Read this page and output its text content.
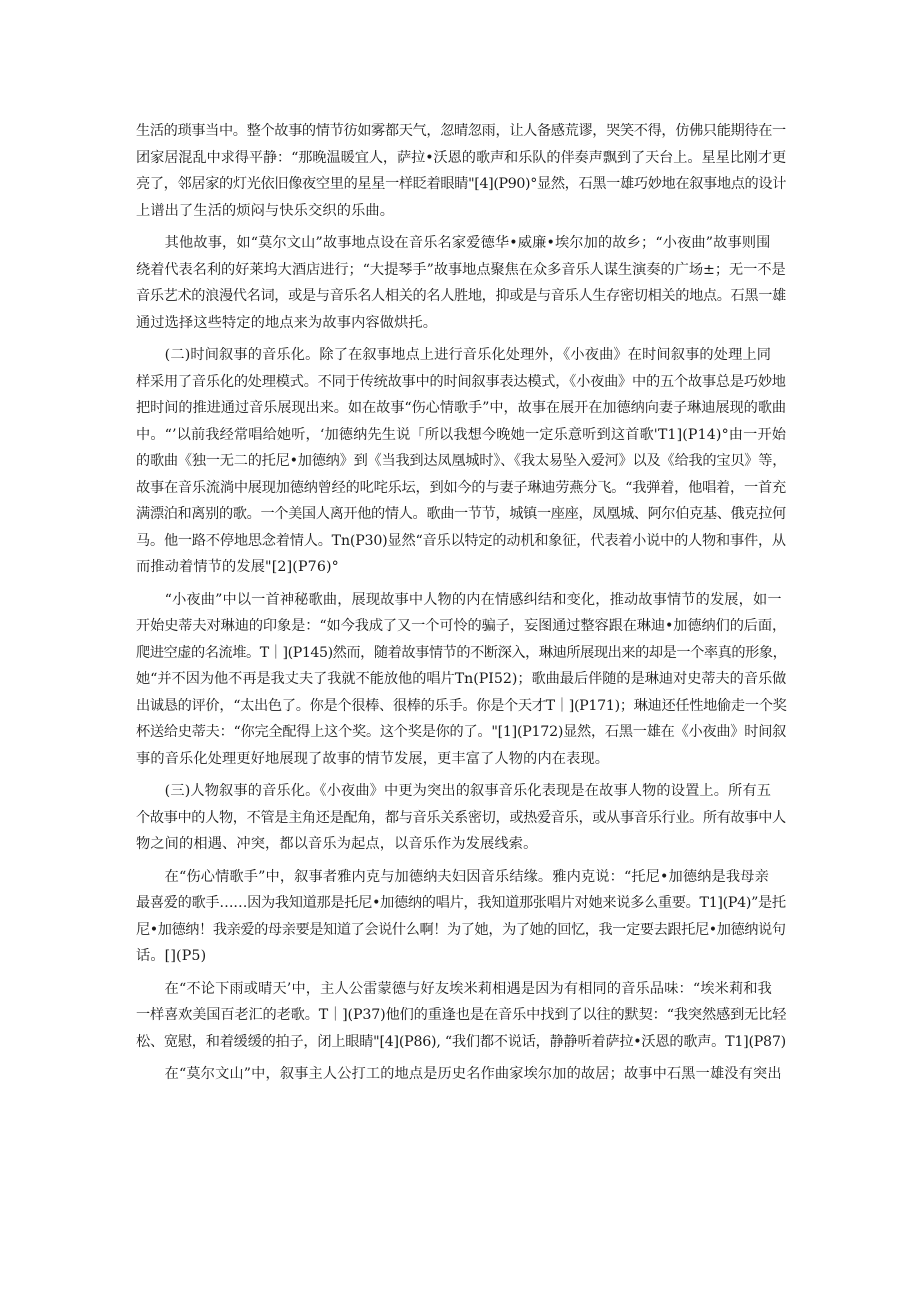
生活的琐事当中。整个故事的情节彷如雾都天气，忽晴忽雨，让人备感荒谬，哭笑不得，仿佛只能期待在一
团家居混乱中求得平静：“那晚温暖宜人，萨拉•沃恩的歌声和乐队的伴奏声飘到了天台上。星星比刚才更
亮了，邻居家的灯光依旧像夜空里的星星一样眨着眼睛"[4](P90)°显然，石黑一雄巧妙地在叙事地点的设计
上谱出了生活的烦闷与快乐交织的乐曲。
　　其他故事，如“莫尔文山”故事地点设在音乐名家爱德华•威廉•埃尔加的故乡；“小夜曲”故事则围
绕着代表名利的好莱坞大酒店进行；“大提琴手”故事地点聚焦在众多音乐人谋生演奏的广场±；无一不是
音乐艺术的浪漫代名词，或是与音乐名人相关的名人胜地，抑或是与音乐人生存密切相关的地点。石黑一雄
通过选择这些特定的地点来为故事内容做烘托。
　　(二)时间叙事的音乐化。除了在叙事地点上进行音乐化处理外，《小夜曲》在时间叙事的处理上同
样采用了音乐化的处理模式。不同于传统故事中的时间叙事表达模式，《小夜曲》中的五个故事总是巧妙地
把时间的推进通过音乐展现出来。如在故事“伤心情歌手”中，故事在展开在加德纳向妻子琳迪展现的歌曲
中。“’以前我经常唱给她听，‘加德纳先生说「所以我想今晚她一定乐意听到这首歌'T1](P14)°由一开始
的歌曲《独一无二的托尼•加德纳》到《当我到达凤凰城时》、《我太易坠入爱河》以及《给我的宝贝》等，
故事在音乐流淌中展现加德纳曾经的叱咤乐坛，到如今的与妻子琳迪劳燕分飞。“我弹着，他唱着，一首充
满漂泊和离别的歌。一个美国人离开他的情人。歌曲一节节，城镇一座座，凤凰城、阿尔伯克基、俄克拉何
马。他一路不停地思念着情人。Tn(P30)显然“音乐以特定的动机和象征，代表着小说中的人物和事件，从
而推动着情节的发展"[2](P76)°
　　“小夜曲”中以一首神秘歌曲，展现故事中人物的内在情感纠结和变化，推动故事情节的发展，如一
开始史蒂夫对琳迪的印象是：“如今我成了又一个可怜的骗子，妄图通过整容跟在琳迪•加德纳们的后面，
爬进空虚的名流堆。T｜](P145)然而，随着故事情节的不断深入，琳迪所展现出来的却是一个率真的形象，
她“并不因为他不再是我丈夫了我就不能放他的唱片Tn(PI52)；歌曲最后伴随的是琳迪对史蒂夫的音乐做
出诚恳的评价，“太出色了。你是个很棒、很棒的乐手。你是个天才T｜](P171)；琳迪还任性地偷走一个奖
杯送给史蒂夫：“你完全配得上这个奖。这个奖是你的了。"[1](P172)显然，石黑一雄在《小夜曲》时间叙
事的音乐化处理更好地展现了故事的情节发展，更丰富了人物的内在表现。
　　(三)人物叙事的音乐化。《小夜曲》中更为突出的叙事音乐化表现是在故事人物的设置上。所有五
个故事中的人物，不管是主角还是配角，都与音乐关系密切，或热爱音乐，或从事音乐行业。所有故事中人
物之间的相遇、冲突，都以音乐为起点，以音乐作为发展线索。
　　在“伤心情歌手”中，叙事者雅内克与加德纳夫妇因音乐结缘。雅内克说：“托尼•加德纳是我母亲
最喜爱的歌手……因为我知道那是托尼•加德纳的唱片，我知道那张唱片对她来说多么重要。T1](P4)”是托
尼•加德纳！我亲爱的母亲要是知道了会说什么啊！为了她，为了她的回忆，我一定要去跟托尼•加德纳说句
话。[](P5)
　　在“不论下雨或晴天’中，主人公雷蒙德与好友埃米莉相遇是因为有相同的音乐品味：“埃米莉和我
一样喜欢美国百老汇的老歌。T｜](P37)他们的重逢也是在音乐中找到了以往的默契：“我突然感到无比轻
松、宽慰，和着缓缓的拍子，闭上眼睛"[4](P86), “我们都不说话，静静听着萨拉•沃恩的歌声。T1](P87)
　　在“莫尔文山”中，叙事主人公打工的地点是历史名作曲家埃尔加的故居；故事中石黑一雄没有突出
